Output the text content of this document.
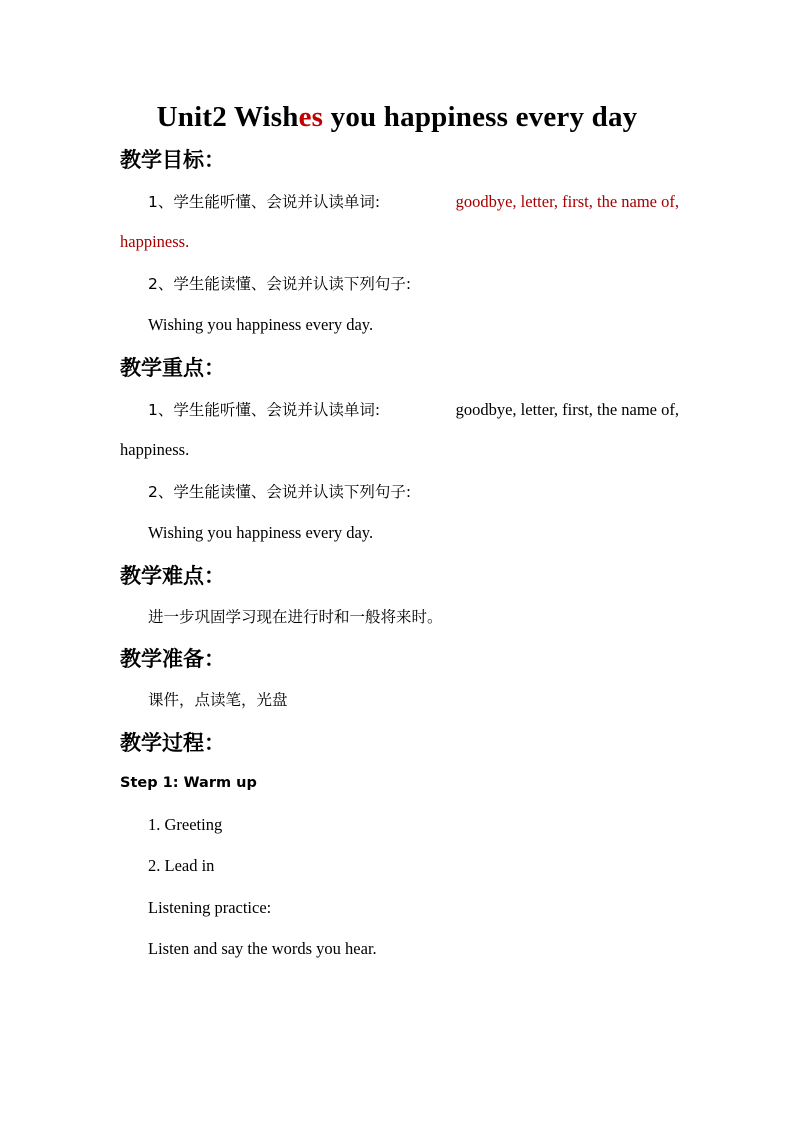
Unit2 Wishes you happiness every day
教学目标：
1、学生能听懂、会说并认读单词:	goodbye, letter, first, the name of,
happiness.
2、学生能读懂、会说并认读下列句子:
Wishing you happiness every day.
教学重点：
1、学生能听懂、会说并认读单词:	goodbye, letter, first, the name of,
happiness.
2、学生能读懂、会说并认读下列句子:
Wishing you happiness every day.
教学难点：
进一步巩固学习现在进行时和一般将来时。
教学准备：
课件，点读笔，光盘
教学过程：
Step 1: Warm up
1. Greeting
2. Lead in
Listening practice:
Listen and say the words you hear.
